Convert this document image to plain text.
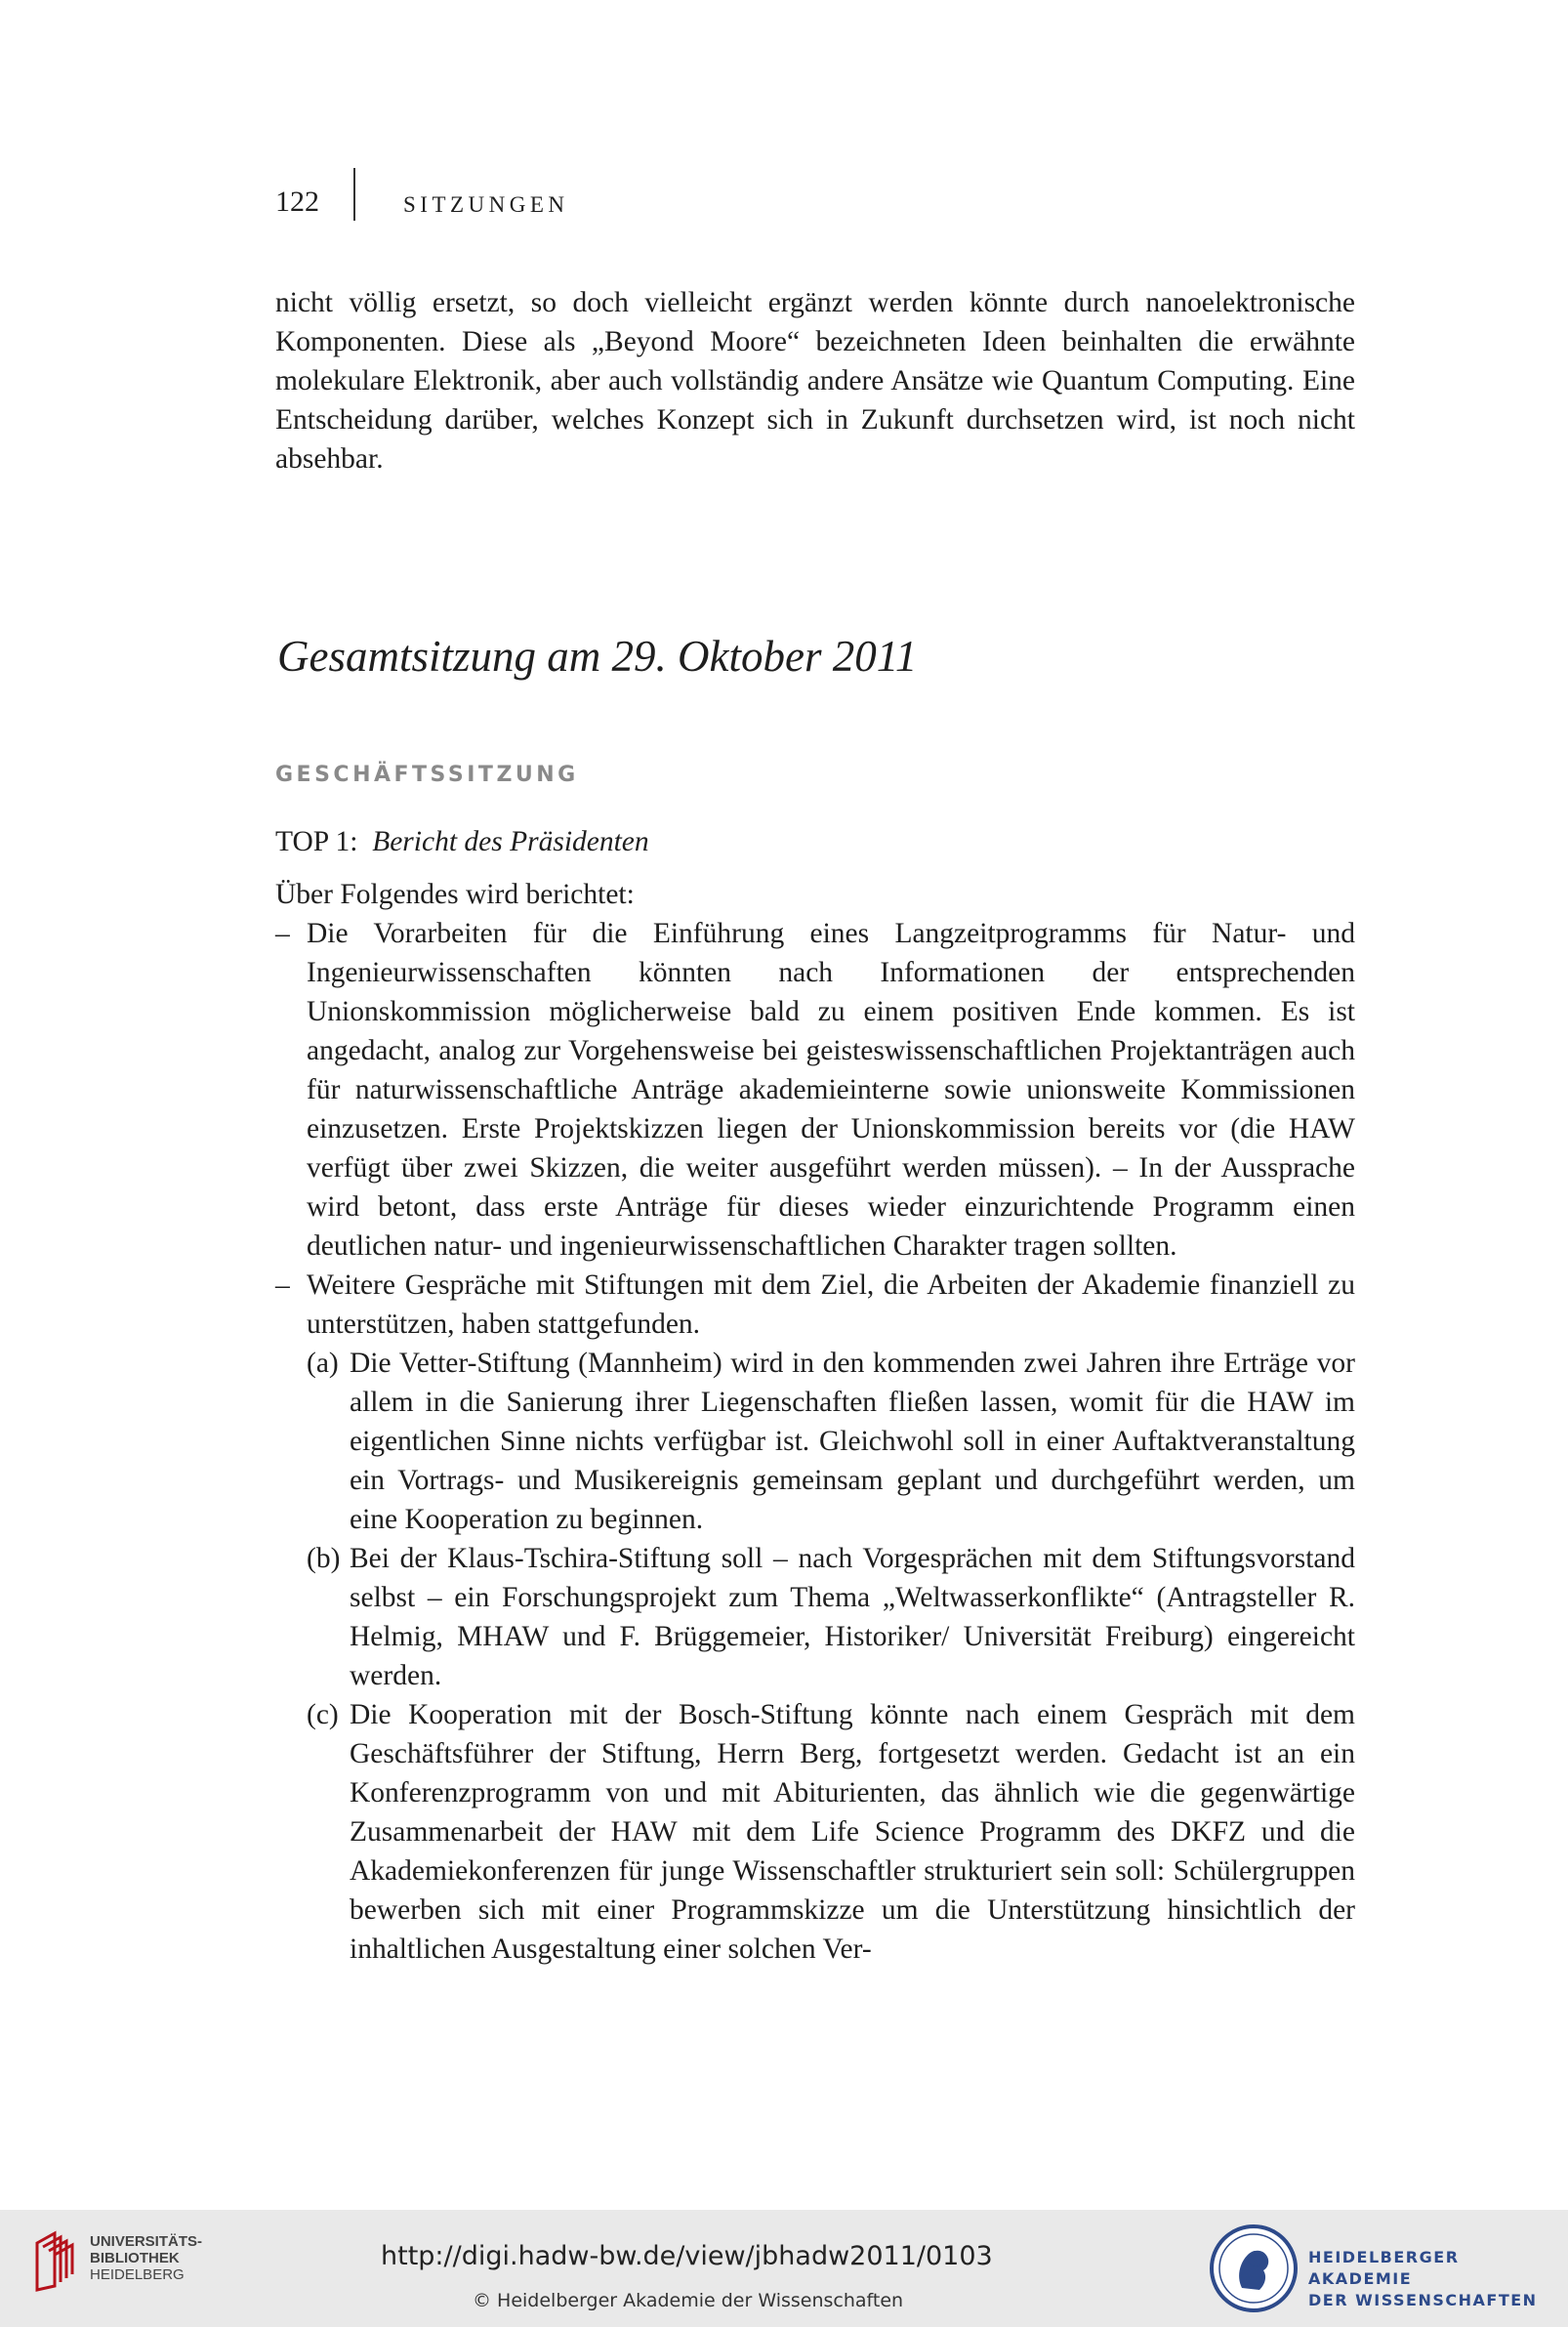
122	SITZUNGEN

nicht völlig ersetzt, so doch vielleicht ergänzt werden könnte durch nanoelektronische Komponenten. Diese als „Beyond Moore“ bezeichneten Ideen beinhalten die erwähnte molekulare Elektronik, aber auch vollständig andere Ansätze wie Quantum Computing. Eine Entscheidung darüber, welches Konzept sich in Zukunft durchsetzen wird, ist noch nicht absehbar.

Gesamtsitzung am 29. Oktober 2011
GESCHÄFTSSITZUNG

TOP 1: Bericht des Präsidenten

Über Folgendes wird berichtet:

– Die Vorarbeiten für die Einführung eines Langzeitprogramms für Natur- und Ingenieurwissenschaften könnten nach Informationen der entsprechenden Unionskommission möglicherweise bald zu einem positiven Ende kommen. Es ist angedacht, analog zur Vorgehensweise bei geisteswissenschaftlichen Projektanträgen auch für naturwissenschaftliche Anträge akademieinterne sowie unionsweite Kommissionen einzusetzen. Erste Projektskizzen liegen der Unionskommission bereits vor (die HAW verfügt über zwei Skizzen, die weiter ausgeführt werden müssen). – In der Aussprache wird betont, dass erste Anträge für dieses wieder einzurichtende Programm einen deutlichen natur- und ingenieurwissenschaftlichen Charakter tragen sollten.
– Weitere Gespräche mit Stiftungen mit dem Ziel, die Arbeiten der Akademie finanziell zu unterstützen, haben stattgefunden.
(a) Die Vetter-Stiftung (Mannheim) wird in den kommenden zwei Jahren ihre Erträge vor allem in die Sanierung ihrer Liegenschaften fließen lassen, womit für die HAW im eigentlichen Sinne nichts verfügbar ist. Gleichwohl soll in einer Auftaktveranstaltung ein Vortrags- und Musikereignis gemeinsam geplant und durchgeführt werden, um eine Kooperation zu beginnen.
(b) Bei der Klaus-Tschira-Stiftung soll – nach Vorgesprächen mit dem Stiftungsvorstand selbst – ein Forschungsprojekt zum Thema „Weltwasserkonflikte“ (Antragsteller R. Helmig, MHAW und F. Brüggemeier, Historiker/ Universität Freiburg) eingereicht werden.
(c) Die Kooperation mit der Bosch-Stiftung könnte nach einem Gespräch mit dem Geschäftsführer der Stiftung, Herrn Berg, fortgesetzt werden. Gedacht ist an ein Konferenzprogramm von und mit Abiturienten, das ähnlich wie die gegenwärtige Zusammenarbeit der HAW mit dem Life Science Programm des DKFZ und die Akademiekonferenzen für junge Wissenschaftler strukturiert sein soll: Schülergruppen bewerben sich mit einer Programmskizze um die Unterstützung hinsichtlich der inhaltlichen Ausgestaltung einer solchen Ver-
UNIVERSITÄTS-
BIBLIOTHEK
HEIDELBERG
http://digi.hadw-bw.de/view/jbhadw2011/0103
© Heidelberger Akademie der Wissenschaften
HEIDELBERGER AKADEMIE
DER WISSENSCHAFTEN
